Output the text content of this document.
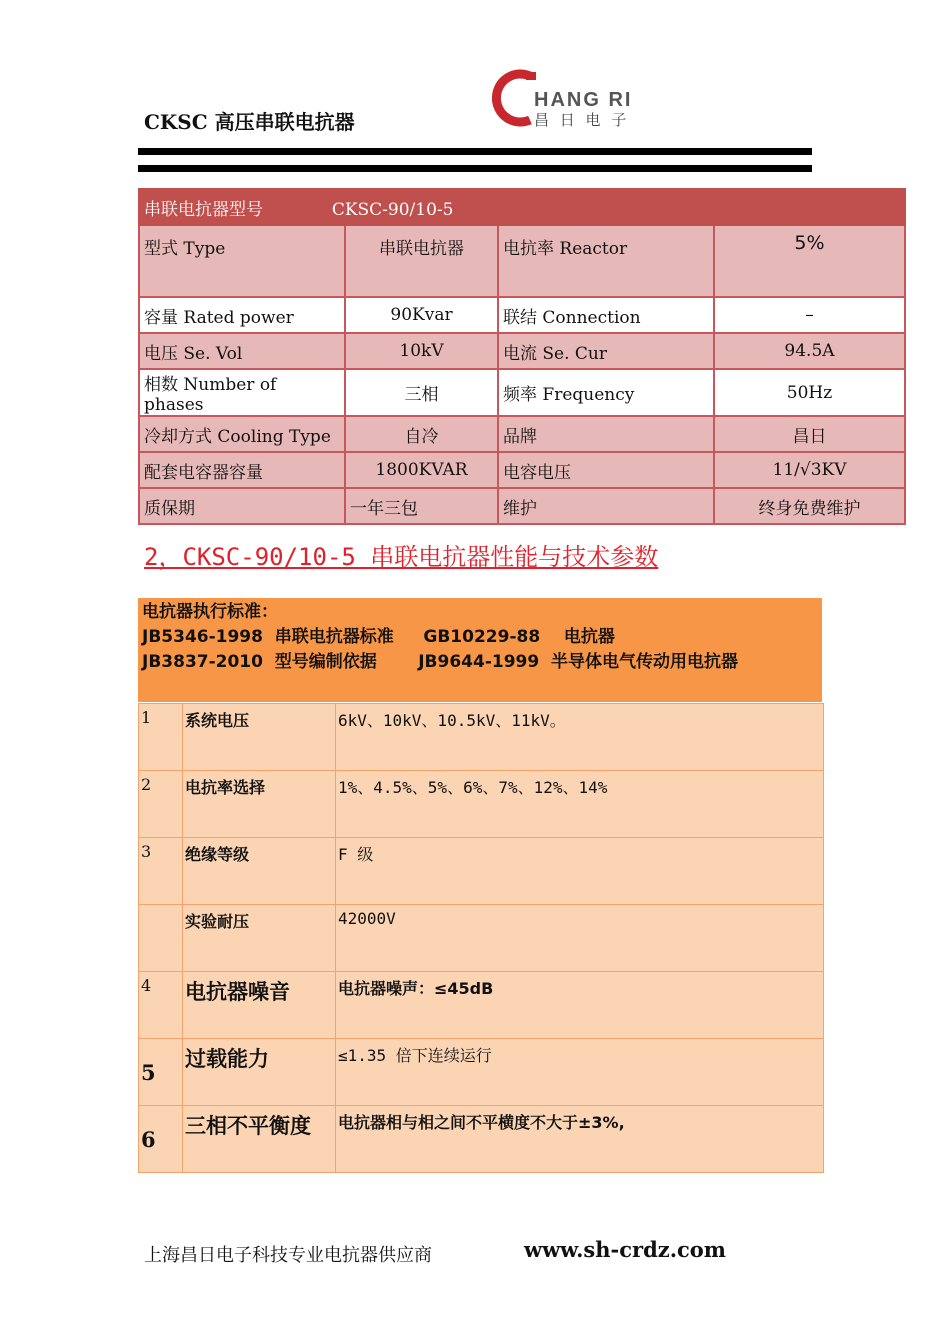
CKSC 高压串联电抗器
HANG RI
昌 日 电 子
串联电抗器型号 CKSC-90/10-5			
型式 Type	串联电抗器	电抗率 Reactor	5%
容量 Rated power	90Kvar	联结 Connection	–
电压 Se. Vol	10kV	电流 Se. Cur	94.5A
相数 Number of phases	三相	频率 Frequency	50Hz
冷却方式 Cooling Type	自冷	品牌	昌日
配套电容器容量	1800KVAR	电容电压	11/√3KV
质保期	一年三包	维护	终身免费维护
2，CKSC-90/10-5 串联电抗器性能与技术参数
电抗器执行标准：
JB5346-1998  串联电抗器标准     GB10229-88    电抗器
JB3837-2010  型号编制依据       JB9644-1999  半导体电气传动用电抗器
1	系统电压	6kV、10kV、10.5kV、11kV。
2	电抗率选择	1%、4.5%、5%、6%、7%、12%、14%
3	绝缘等级	F 级
	实验耐压	42000V
4	电抗器噪音	电抗器噪声：≤45dB
5	过载能力	≤1.35 倍下连续运行
6	三相不平衡度	电抗器相与相之间不平横度不大于±3%,
上海昌日电子科技专业电抗器供应商	www.sh-crdz.com
